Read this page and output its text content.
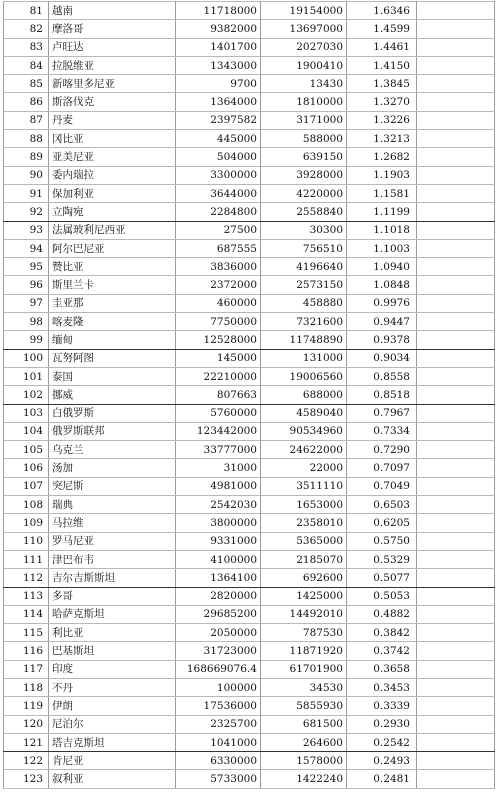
81	越南	11718000	19154000	1.6346	
82	摩洛哥	9382000	13697000	1.4599	
83	卢旺达	1401700	2027030	1.4461	
84	拉脱维亚	1343000	1900410	1.4150	
85	新喀里多尼亚	9700	13430	1.3845	
86	斯洛伐克	1364000	1810000	1.3270	
87	丹麦	2397582	3171000	1.3226	
88	冈比亚	445000	588000	1.3213	
89	亚美尼亚	504000	639150	1.2682	
90	委内瑞拉	3300000	3928000	1.1903	
91	保加利亚	3644000	4220000	1.1581	
92	立陶宛	2284800	2558840	1.1199	
93	法属玻利尼西亚	27500	30300	1.1018	
94	阿尔巴尼亚	687555	756510	1.1003	
95	赞比亚	3836000	4196640	1.0940	
96	斯里兰卡	2372000	2573150	1.0848	
97	圭亚那	460000	458880	0.9976	
98	喀麦隆	7750000	7321600	0.9447	
99	缅甸	12528000	11748890	0.9378	
100	瓦努阿图	145000	131000	0.9034	
101	泰国	22210000	19006560	0.8558	
102	挪威	807663	688000	0.8518	
103	白俄罗斯	5760000	4589040	0.7967	
104	俄罗斯联邦	123442000	90534960	0.7334	
105	乌克兰	33777000	24622000	0.7290	
106	汤加	31000	22000	0.7097	
107	突尼斯	4981000	3511110	0.7049	
108	瑞典	2542030	1653000	0.6503	
109	马拉维	3800000	2358010	0.6205	
110	罗马尼亚	9331000	5365000	0.5750	
111	津巴布韦	4100000	2185070	0.5329	
112	吉尔吉斯斯坦	1364100	692600	0.5077	
113	多哥	2820000	1425000	0.5053	
114	哈萨克斯坦	29685200	14492010	0.4882	
115	利比亚	2050000	787530	0.3842	
116	巴基斯坦	31723000	11871920	0.3742	
117	印度	168669076.4	61701900	0.3658	
118	不丹	100000	34530	0.3453	
119	伊朗	17536000	5855930	0.3339	
120	尼泊尔	2325700	681500	0.2930	
121	塔吉克斯坦	1041000	264600	0.2542	
122	肯尼亚	6330000	1578000	0.2493	
123	叙利亚	5733000	1422240	0.2481	
